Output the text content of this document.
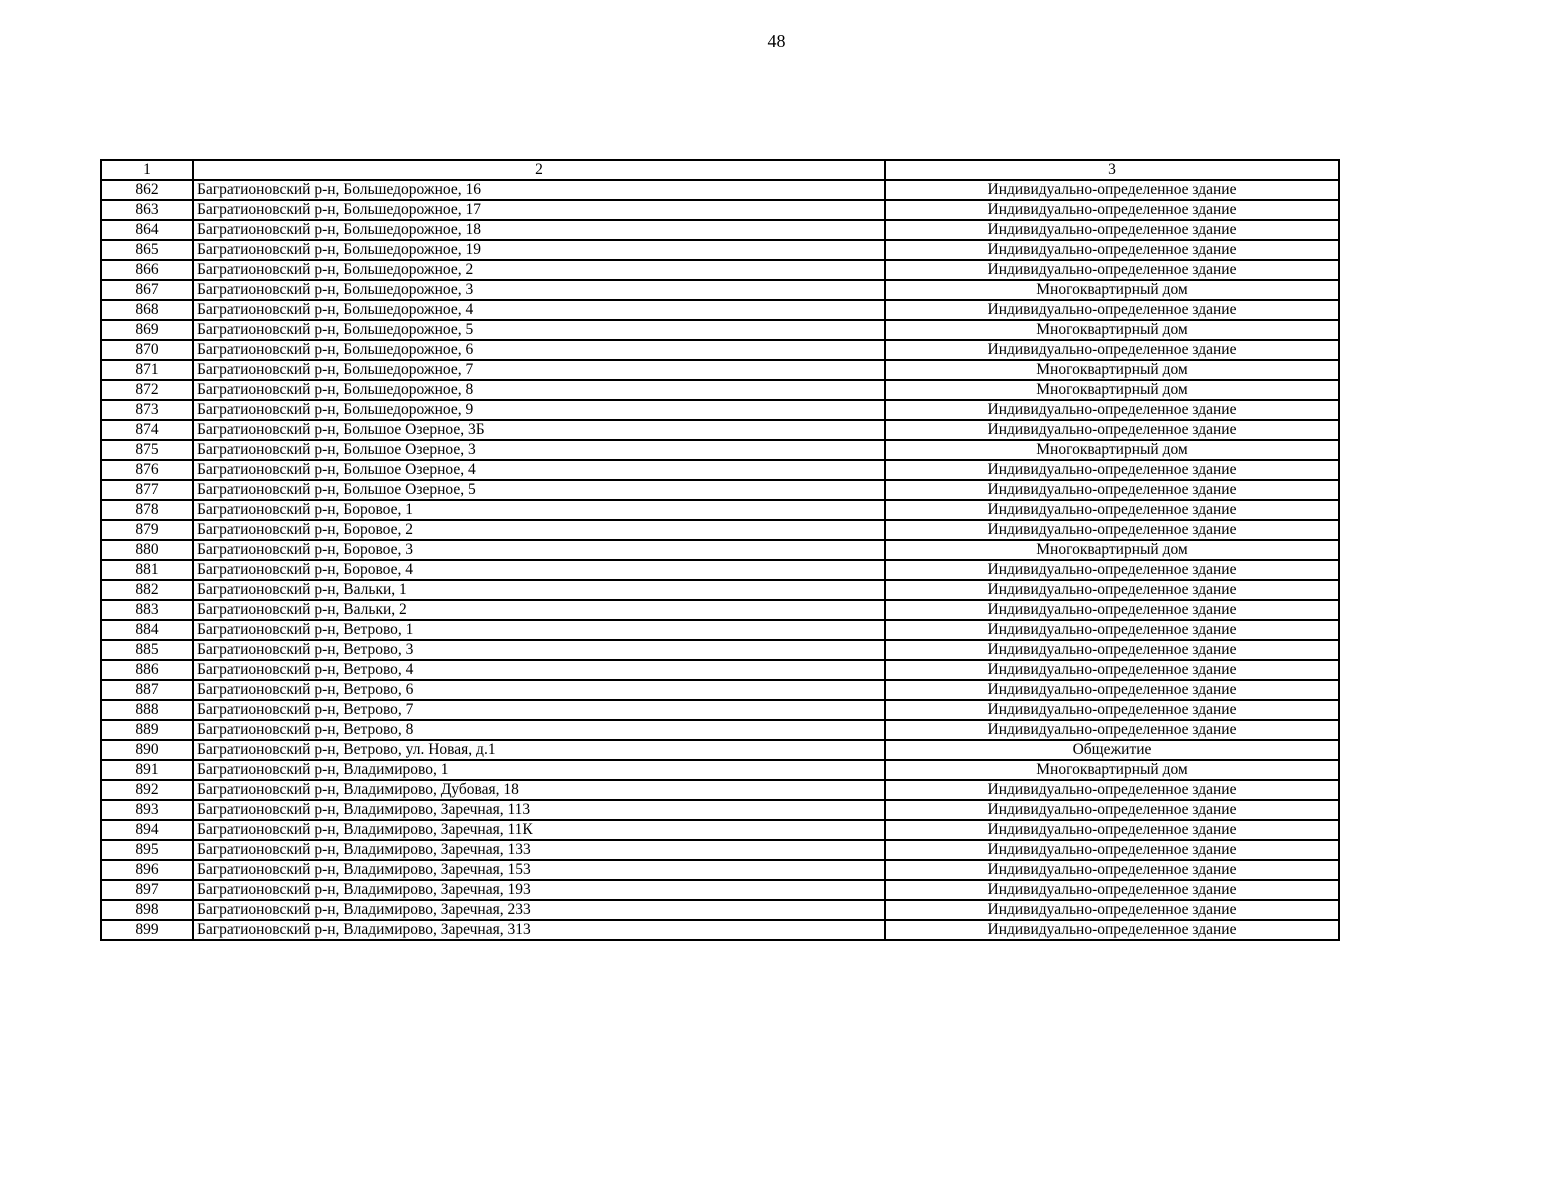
48
1	2	3
862	Багратионовский р-н, Большедорожное, 16	Индивидуально-определенное здание
863	Багратионовский р-н, Большедорожное, 17	Индивидуально-определенное здание
864	Багратионовский р-н, Большедорожное, 18	Индивидуально-определенное здание
865	Багратионовский р-н, Большедорожное, 19	Индивидуально-определенное здание
866	Багратионовский р-н, Большедорожное, 2	Индивидуально-определенное здание
867	Багратионовский р-н, Большедорожное, 3	Многоквартирный дом
868	Багратионовский р-н, Большедорожное, 4	Индивидуально-определенное здание
869	Багратионовский р-н, Большедорожное, 5	Многоквартирный дом
870	Багратионовский р-н, Большедорожное, 6	Индивидуально-определенное здание
871	Багратионовский р-н, Большедорожное, 7	Многоквартирный дом
872	Багратионовский р-н, Большедорожное, 8	Многоквартирный дом
873	Багратионовский р-н, Большедорожное, 9	Индивидуально-определенное здание
874	Багратионовский р-н, Большое Озерное, 3Б	Индивидуально-определенное здание
875	Багратионовский р-н, Большое Озерное, 3	Многоквартирный дом
876	Багратионовский р-н, Большое Озерное, 4	Индивидуально-определенное здание
877	Багратионовский р-н, Большое Озерное, 5	Индивидуально-определенное здание
878	Багратионовский р-н, Боровое, 1	Индивидуально-определенное здание
879	Багратионовский р-н, Боровое, 2	Индивидуально-определенное здание
880	Багратионовский р-н, Боровое, 3	Многоквартирный дом
881	Багратионовский р-н, Боровое, 4	Индивидуально-определенное здание
882	Багратионовский р-н, Вальки, 1	Индивидуально-определенное здание
883	Багратионовский р-н, Вальки, 2	Индивидуально-определенное здание
884	Багратионовский р-н, Ветрово, 1	Индивидуально-определенное здание
885	Багратионовский р-н, Ветрово, 3	Индивидуально-определенное здание
886	Багратионовский р-н, Ветрово, 4	Индивидуально-определенное здание
887	Багратионовский р-н, Ветрово, 6	Индивидуально-определенное здание
888	Багратионовский р-н, Ветрово, 7	Индивидуально-определенное здание
889	Багратионовский р-н, Ветрово, 8	Индивидуально-определенное здание
890	Багратионовский р-н, Ветрово, ул. Новая, д.1	Общежитие
891	Багратионовский р-н, Владимирово, 1	Многоквартирный дом
892	Багратионовский р-н, Владимирово, Дубовая, 18	Индивидуально-определенное здание
893	Багратионовский р-н, Владимирово, Заречная, 113	Индивидуально-определенное здание
894	Багратионовский р-н, Владимирово, Заречная, 11К	Индивидуально-определенное здание
895	Багратионовский р-н, Владимирово, Заречная, 133	Индивидуально-определенное здание
896	Багратионовский р-н, Владимирово, Заречная, 153	Индивидуально-определенное здание
897	Багратионовский р-н, Владимирово, Заречная, 193	Индивидуально-определенное здание
898	Багратионовский р-н, Владимирово, Заречная, 233	Индивидуально-определенное здание
899	Багратионовский р-н, Владимирово, Заречная, 313	Индивидуально-определенное здание
